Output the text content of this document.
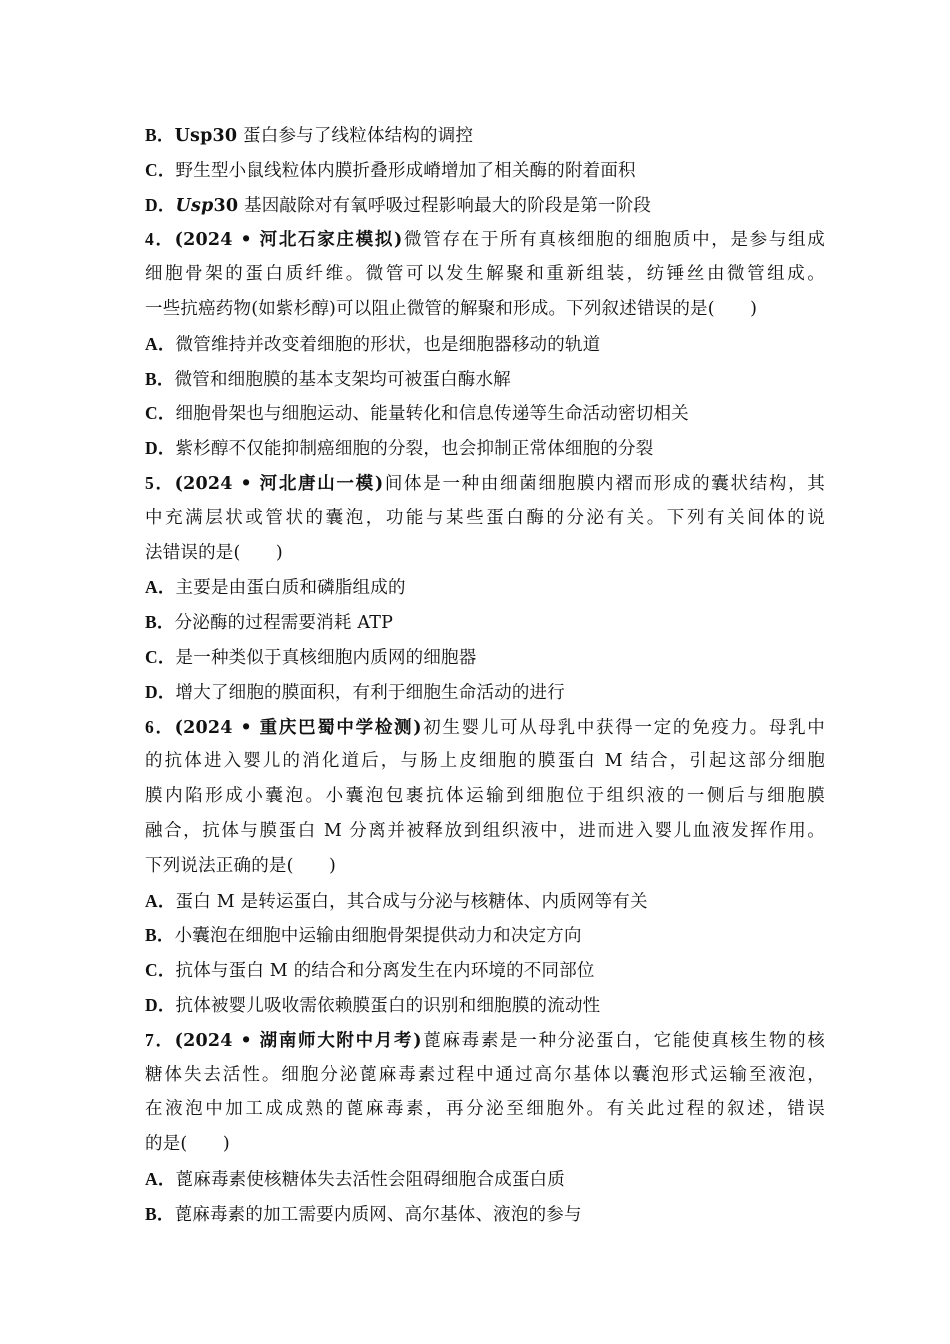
B．Usp30 蛋白参与了线粒体结构的调控
C．野生型小鼠线粒体内膜折叠形成嵴增加了相关酶的附着面积
D．Usp30 基因敲除对有氧呼吸过程影响最大的阶段是第一阶段
4．(2024 • 河北石家庄模拟)微管存在于所有真核细胞的细胞质中，是参与组成
细胞骨架的蛋白质纤维。微管可以发生解聚和重新组装，纺锤丝由微管组成。
一些抗癌药物(如紫杉醇)可以阻止微管的解聚和形成。下列叙述错误的是(　　)
A．微管维持并改变着细胞的形状，也是细胞器移动的轨道
B．微管和细胞膜的基本支架均可被蛋白酶水解
C．细胞骨架也与细胞运动、能量转化和信息传递等生命活动密切相关
D．紫杉醇不仅能抑制癌细胞的分裂，也会抑制正常体细胞的分裂
5．(2024 • 河北唐山一模)间体是一种由细菌细胞膜内褶而形成的囊状结构，其
中充满层状或管状的囊泡，功能与某些蛋白酶的分泌有关。下列有关间体的说
法错误的是(　　)
A．主要是由蛋白质和磷脂组成的
B．分泌酶的过程需要消耗 ATP
C．是一种类似于真核细胞内质网的细胞器
D．增大了细胞的膜面积，有利于细胞生命活动的进行
6．(2024 • 重庆巴蜀中学检测)初生婴儿可从母乳中获得一定的免疫力。母乳中
的抗体进入婴儿的消化道后，与肠上皮细胞的膜蛋白 M 结合，引起这部分细胞
膜内陷形成小囊泡。小囊泡包裹抗体运输到细胞位于组织液的一侧后与细胞膜
融合，抗体与膜蛋白 M 分离并被释放到组织液中，进而进入婴儿血液发挥作用。
下列说法正确的是(　　)
A．蛋白 M 是转运蛋白，其合成与分泌与核糖体、内质网等有关
B．小囊泡在细胞中运输由细胞骨架提供动力和决定方向
C．抗体与蛋白 M 的结合和分离发生在内环境的不同部位
D．抗体被婴儿吸收需依赖膜蛋白的识别和细胞膜的流动性
7．(2024 • 湖南师大附中月考)蓖麻毒素是一种分泌蛋白，它能使真核生物的核
糖体失去活性。细胞分泌蓖麻毒素过程中通过高尔基体以囊泡形式运输至液泡，
在液泡中加工成成熟的蓖麻毒素，再分泌至细胞外。有关此过程的叙述，错误
的是(　　)
A．蓖麻毒素使核糖体失去活性会阻碍细胞合成蛋白质
B．蓖麻毒素的加工需要内质网、高尔基体、液泡的参与
